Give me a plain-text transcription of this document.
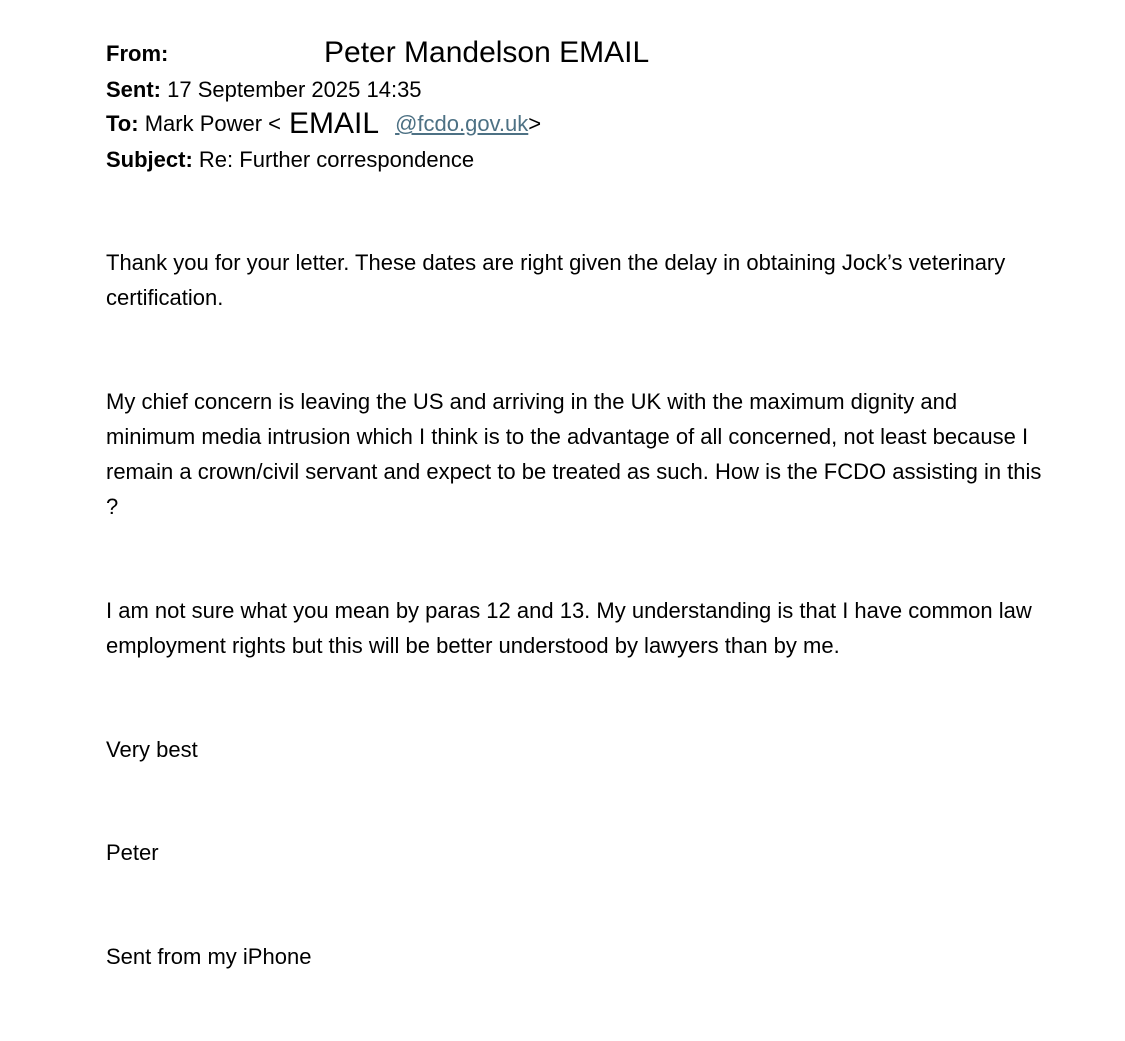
From:	Peter Mandelson EMAIL
Sent: 17 September 2025 14:35
To: Mark Power < EMAIL @fcdo.gov.uk>
Subject: Re: Further correspondence
Thank you for your letter. These dates are right given the delay in obtaining Jock’s veterinary certification.
My chief concern is leaving the US and arriving in the UK with the maximum dignity and minimum media intrusion which I think is to the advantage of all concerned, not least because I remain a crown/civil servant and expect to be treated as such. How is the FCDO assisting in this ?
I am not sure what you mean by paras 12 and 13. My understanding is that I have common law employment rights but this will be better understood by lawyers than by me.
Very best
Peter
Sent from my iPhone
